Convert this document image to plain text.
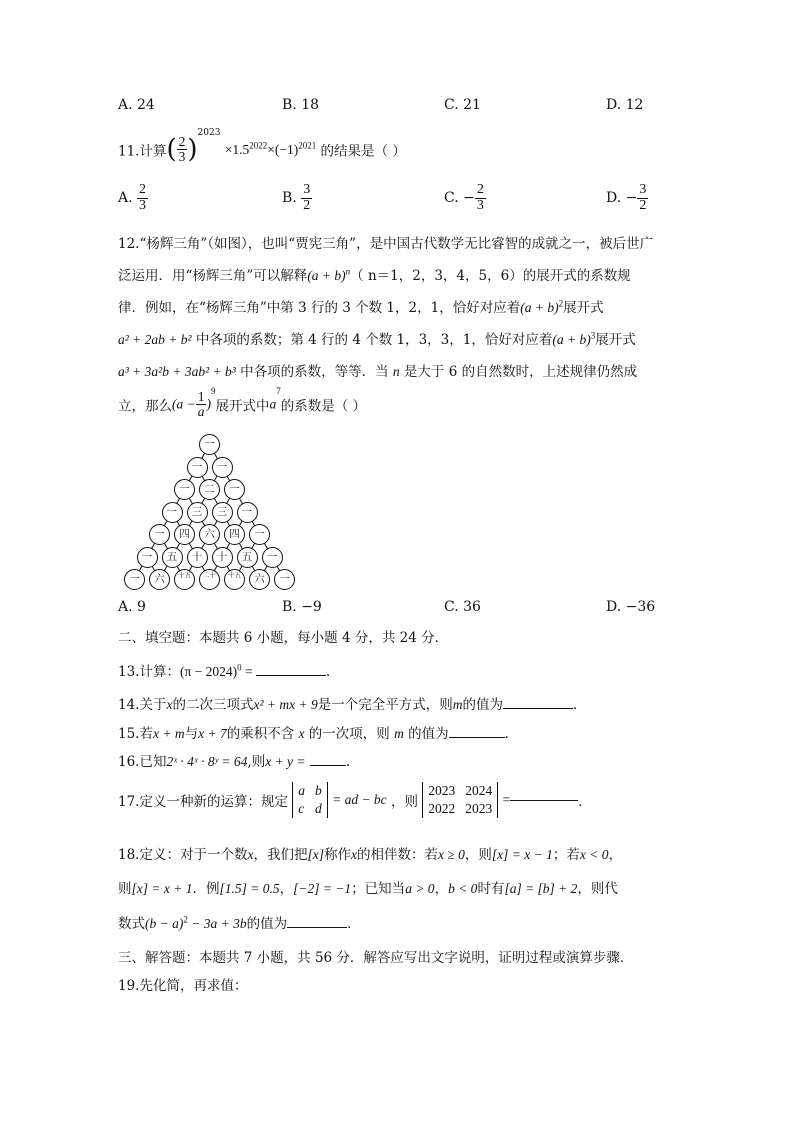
A. 24	B. 18	C. 21	D. 12
11.计算( $\frac{2}{3} )^{2023} \times 1.5^{2022}\times(-1)^{2021}$ 的结果是（ ）
A. $\frac{2}{3}$	B. $\frac{3}{2}$	C. − $\frac{2}{3}$	D. − $\frac{3}{2}$
12.“杨辉三角”（如图），也叫“贾宪三角”，是中国古代数学无比睿智的成就之一，被后世广
泛运用．用“杨辉三角”可以解释$(a + b)^n$（ n＝1，2，3，4，5，6）的展开式的系数规
律．例如，在“杨辉三角”中第 3 行的 3 个数 1，2，1，恰好对应着$(a + b)^2$展开式
a² + 2ab + b² 中各项的系数；第 4 行的 4 个数 1，3，3，1，恰好对应着$(a + b)^3$展开式
a³ + 3a²b + 3ab² + b³ 中各项的系数，等等．当 n 是大于 6 的自然数时，上述规律仍然成
立，那么$(a - \frac{1}{a} )^9$展开式中$a^7$的系数是（ ）
一
一	一
一	二	一
一	三	三	一
一	四	六	四	一
一	五	十	十	五	一
一	六	十五	二十	十五	六	一
A. 9	B. −9	C. 36	D. −36
二、填空题：本题共 6 小题，每小题 4 分，共 24 分．
13.计算：$(\pi - 2024)^0$ =	．
14.关于x的二次三项式x² + mx + 9是一个完全平方式，则m的值为	．
15.若x + m与x + 7的乘积不含 x 的一次项，则 m 的值为	．
16.已知2ˣ · 4ˣ · 8ʸ = 64,则x + y =	.
17.定义一种新的运算：规定 a	b
c	d = ad − bc ，则 2023	2024
2022	2023 =	．
18.定义：对于一个数x，我们把[x]称作x的相伴数：若x ≥ 0，则[x] = x − 1；若x < 0，
则[x] = x + 1．例[1.5] = 0.5，[−2] = −1；已知当a > 0，b < 0时有[a] = [b] + 2，则代
数式$(b - a)^2 - 3a + 3b$的值为	．
三、解答题：本题共 7 小题，共 56 分．解答应写出文字说明，证明过程或演算步骤．
19.先化简，再求值：
